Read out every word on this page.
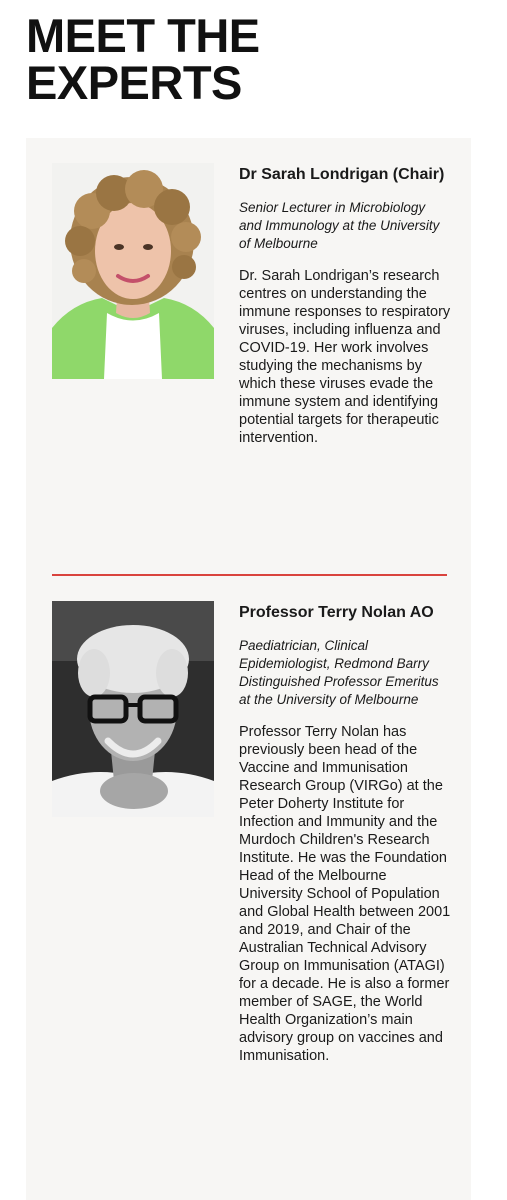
MEET THE
EXPERTS
Dr Sarah Londrigan (Chair)

Senior Lecturer in Microbiology and Immunology at the University of Melbourne

Dr. Sarah Londrigan’s research centres on understanding the immune responses to respiratory viruses, including influenza and COVID-19. Her work involves studying the mechanisms by which these viruses evade the immune system and identifying potential targets for therapeutic intervention.

Professor Terry Nolan AO

Paediatrician, Clinical Epidemiologist, Redmond Barry Distinguished Professor Emeritus at the University of Melbourne

Professor Terry Nolan has previously been head of the Vaccine and Immunisation Research Group (VIRGo) at the Peter Doherty Institute for Infection and Immunity and the Murdoch Children's Research Institute. He was the Foundation Head of the Melbourne University School of Population and Global Health between 2001 and 2019, and Chair of the Australian Technical Advisory Group on Immunisation (ATAGI) for a decade. He is also a former member of SAGE, the World Health Organization’s main advisory group on vaccines and Immunisation.
